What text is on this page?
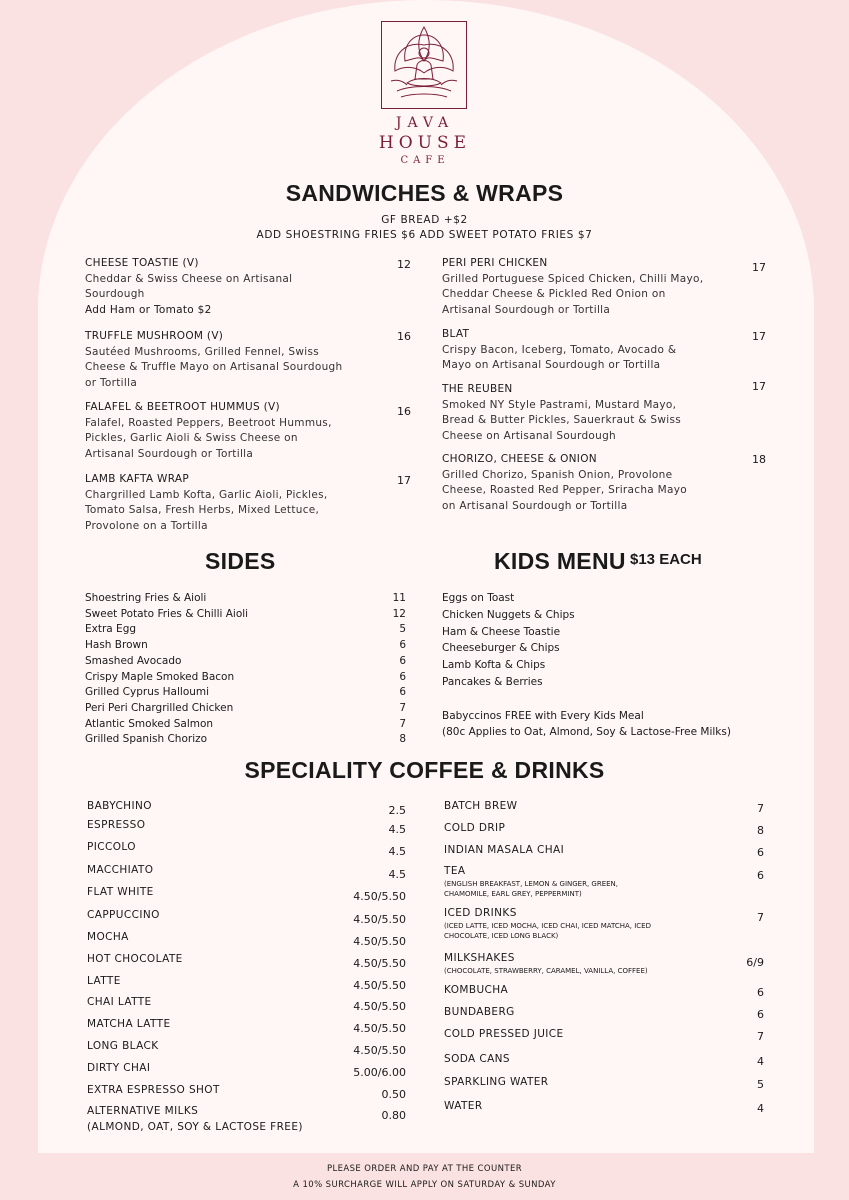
JAVA
HOUSE
CAFE
SANDWICHES & WRAPS
GF BREAD +$2
ADD SHOESTRING FRIES $6 ADD SWEET POTATO FRIES $7
CHEESE TOASTIE (V)
Cheddar & Swiss Cheese on Artisanal Sourdough
Add Ham or Tomato $2
12
TRUFFLE MUSHROOM (V)
Sautéed Mushrooms, Grilled Fennel, Swiss Cheese & Truffle Mayo on Artisanal Sourdough or Tortilla
16
FALAFEL & BEETROOT HUMMUS (V)
Falafel, Roasted Peppers, Beetroot Hummus, Pickles, Garlic Aioli & Swiss Cheese on Artisanal Sourdough or Tortilla
16
LAMB KAFTA WRAP
Chargrilled Lamb Kofta, Garlic Aioli, Pickles, Tomato Salsa, Fresh Herbs, Mixed Lettuce, Provolone on a Tortilla
17
PERI PERI CHICKEN
Grilled Portuguese Spiced Chicken, Chilli Mayo, Cheddar Cheese & Pickled Red Onion on Artisanal Sourdough or Tortilla
17
BLAT
Crispy Bacon, Iceberg, Tomato, Avocado & Mayo on Artisanal Sourdough or Tortilla
17
THE REUBEN
Smoked NY Style Pastrami, Mustard Mayo, Bread & Butter Pickles, Sauerkraut & Swiss Cheese on Artisanal Sourdough
17
CHORIZO, CHEESE & ONION
Grilled Chorizo, Spanish Onion, Provolone Cheese, Roasted Red Pepper, Sriracha Mayo on Artisanal Sourdough or Tortilla
18
SIDES	KIDS MENU $13 EACH
Babyccinos FREE with Every Kids Meal
(80c Applies to Oat, Almond, Soy & Lactose-Free Milks)
SPECIALITY COFFEE & DRINKS
PLEASE ORDER AND PAY AT THE COUNTER
A 10% SURCHARGE WILL APPLY ON SATURDAY & SUNDAY
Shoestring Fries & Aioli	11
Sweet Potato Fries & Chilli Aioli	12
Extra Egg	5
Hash Brown	6
Smashed Avocado	6
Crispy Maple Smoked Bacon	6
Grilled Cyprus Halloumi	6
Peri Peri Chargrilled Chicken	7
Atlantic Smoked Salmon	7
Grilled Spanish Chorizo	8
Eggs on Toast
Chicken Nuggets & Chips
Ham & Cheese Toastie
Cheeseburger & Chips
Lamb Kofta & Chips
Pancakes & Berries
BABYCHINO	2.5
ESPRESSO	4.5
PICCOLO	4.5
MACCHIATO	4.5
FLAT WHITE	4.50/5.50
CAPPUCCINO	4.50/5.50
MOCHA	4.50/5.50
HOT CHOCOLATE	4.50/5.50
LATTE	4.50/5.50
CHAI LATTE	4.50/5.50
MATCHA LATTE	4.50/5.50
LONG BLACK	4.50/5.50
DIRTY CHAI	5.00/6.00
EXTRA ESPRESSO SHOT	0.50
ALTERNATIVE MILKS
(ALMOND, OAT, SOY & LACTOSE FREE)
0.80
BATCH BREW	7
COLD DRIP	8
INDIAN MASALA CHAI	6
TEA
(ENGLISH BREAKFAST, LEMON & GINGER, GREEN, CHAMOMILE, EARL GREY, PEPPERMINT)
6
ICED DRINKS
(ICED LATTE, ICED MOCHA, ICED CHAI, ICED MATCHA, ICED CHOCOLATE, ICED LONG BLACK)
7
MILKSHAKES
(CHOCOLATE, STRAWBERRY, CARAMEL, VANILLA, COFFEE)
6/9
KOMBUCHA	6
BUNDABERG	6
COLD PRESSED JUICE	7
SODA CANS	4
SPARKLING WATER	5
WATER	4
